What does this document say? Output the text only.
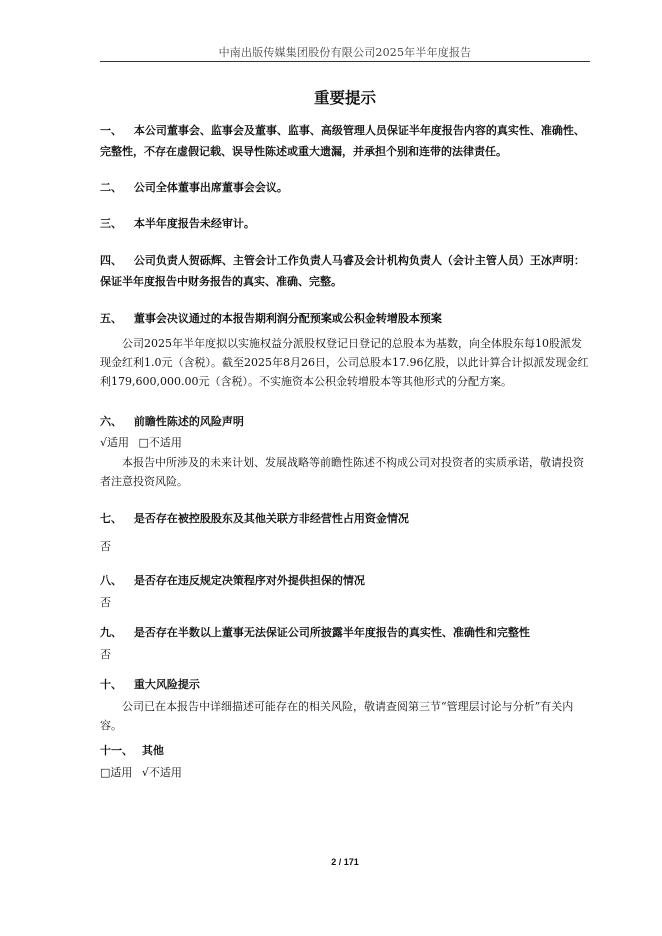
中南出版传媒集团股份有限公司2025年半年度报告
重要提示
一、 本公司董事会、监事会及董事、监事、高级管理人员保证半年度报告内容的真实性、准确性、完整性，不存在虚假记载、误导性陈述或重大遗漏，并承担个别和连带的法律责任。
二、 公司全体董事出席董事会会议。
三、 本半年度报告未经审计。
四、 公司负责人贺砾辉、主管会计工作负责人马睿及会计机构负责人（会计主管人员）王冰声明：保证半年度报告中财务报告的真实、准确、完整。
五、 董事会决议通过的本报告期利润分配预案或公积金转增股本预案
公司2025年半年度拟以实施权益分派股权登记日登记的总股本为基数，向全体股东每10股派发现金红利1.0元（含税）。截至2025年8月26日，公司总股本17.96亿股，以此计算合计拟派发现金红利179,600,000.00元（含税）。不实施资本公积金转增股本等其他形式的分配方案。
六、 前瞻性陈述的风险声明
√适用 □不适用
本报告中所涉及的未来计划、发展战略等前瞻性陈述不构成公司对投资者的实质承诺，敬请投资者注意投资风险。
七、 是否存在被控股股东及其他关联方非经营性占用资金情况
否
八、 是否存在违反规定决策程序对外提供担保的情况
否
九、 是否存在半数以上董事无法保证公司所披露半年度报告的真实性、准确性和完整性
否
十、 重大风险提示
公司已在本报告中详细描述可能存在的相关风险，敬请查阅第三节“管理层讨论与分析”有关内容。
十一、 其他
□适用 √不适用
2 / 171
